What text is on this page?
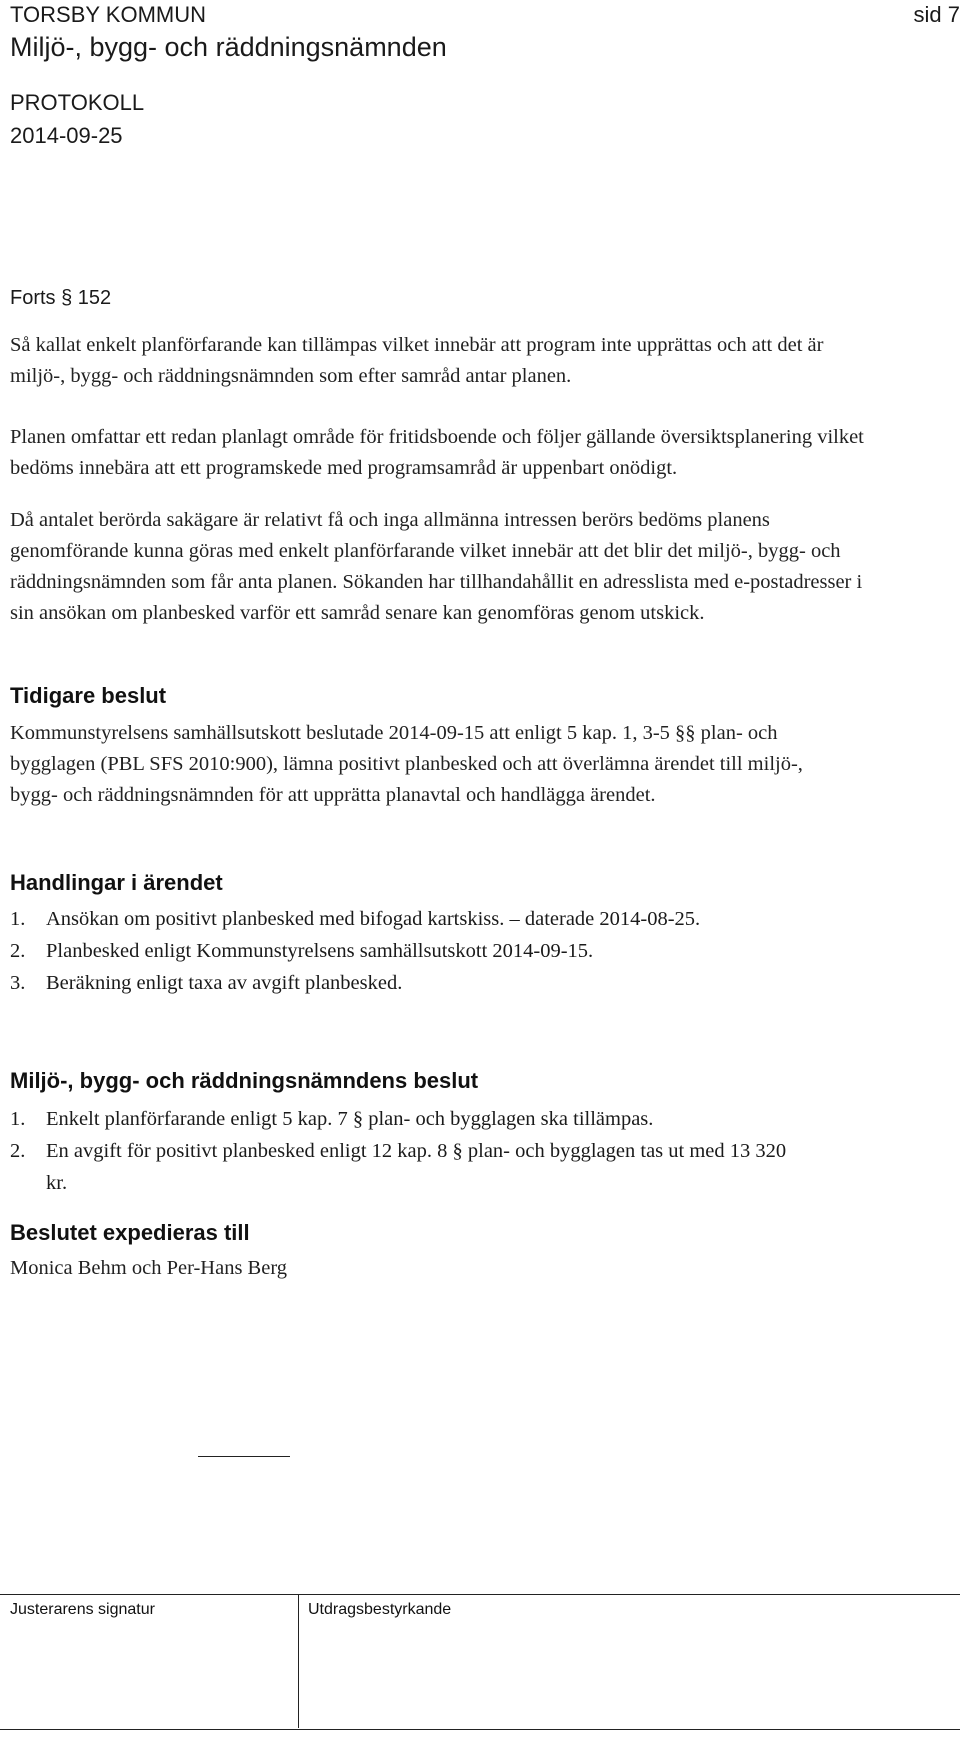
TORSBY KOMMUN
Miljö-, bygg- och räddningsnämnden
sid 7
PROTOKOLL
2014-09-25
Forts § 152
Så kallat enkelt planförfarande kan tillämpas vilket innebär att program inte upprättas och att det är miljö-, bygg- och räddningsnämnden som efter samråd antar planen.
Planen omfattar ett redan planlagt område för fritidsboende och följer gällande översiktsplanering vilket bedöms innebära att ett programskede med programsamråd är uppenbart onödigt.
Då antalet berörda sakägare är relativt få och inga allmänna intressen berörs bedöms planens genomförande kunna göras med enkelt planförfarande vilket innebär att det blir det miljö-, bygg- och räddningsnämnden som får anta planen. Sökanden har tillhandahållit en adresslista med e-postadresser i sin ansökan om planbesked varför ett samråd senare kan genomföras genom utskick.
Tidigare beslut
Kommunstyrelsens samhällsutskott beslutade 2014-09-15 att enligt 5 kap. 1, 3-5 §§ plan- och bygglagen (PBL SFS 2010:900), lämna positivt planbesked och att överlämna ärendet till miljö-, bygg- och räddningsnämnden för att upprätta planavtal och handlägga ärendet.
Handlingar i ärendet
1.	Ansökan om positivt planbesked med bifogad kartskiss. – daterade 2014-08-25.
2.	Planbesked enligt Kommunstyrelsens samhällsutskott 2014-09-15.
3.	Beräkning enligt taxa av avgift planbesked.
Miljö-, bygg- och räddningsnämndens beslut
1.	Enkelt planförfarande enligt 5 kap. 7 § plan- och bygglagen ska tillämpas.
2.	En avgift för positivt planbesked enligt 12 kap. 8 § plan- och bygglagen tas ut med 13 320 kr.
Beslutet expedieras till
Monica Behm och Per-Hans Berg
Justerarens signatur	Utdragsbestyrkande
